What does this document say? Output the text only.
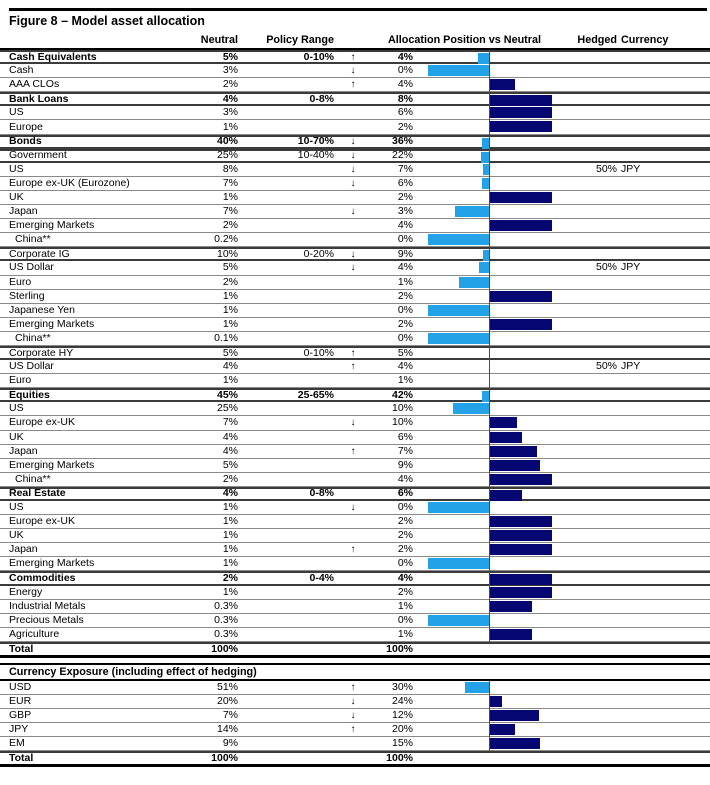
Figure 8 – Model asset allocation
Neutral	Policy Range	Allocation Position vs Neutral	Hedged Currency
Cash Equivalents	5%	0-10%	↑	4%
Cash	3%	↓	0%
AAA CLOs	2%	↑	4%
Bank Loans	4%	0-8%	8%
US	3%	6%
Europe	1%	2%
Bonds	40%	10-70%	↓	36%
Government	25%	10-40%	↓	22%
US	8%	↓	7%	50% JPY
Europe ex-UK (Eurozone)	7%	↓	6%
UK	1%	2%
Japan	7%	↓	3%
Emerging Markets	2%	4%
China**	0.2%	0%
Corporate IG	10%	0-20%	↓	9%
US Dollar	5%	↓	4%	50% JPY
Euro	2%	1%
Sterling	1%	2%
Japanese Yen	1%	0%
Emerging Markets	1%	2%
China**	0.1%	0%
Corporate HY	5%	0-10%	↑	5%
US Dollar	4%	↑	4%	50% JPY
Euro	1%	1%
Equities	45%	25-65%	42%
US	25%	10%
Europe ex-UK	7%	↓	10%
UK	4%	6%
Japan	4%	↑	7%
Emerging Markets	5%	9%
China**	2%	4%
Real Estate	4%	0-8%	6%
US	1%	↓	0%
Europe ex-UK	1%	2%
UK	1%	2%
Japan	1%	↑	2%
Emerging Markets	1%	0%
Commodities	2%	0-4%	4%
Energy	1%	2%
Industrial Metals	0.3%	1%
Precious Metals	0.3%	0%
Agriculture	0.3%	1%
Total	100%	100%
Currency Exposure (including effect of hedging)
USD	51%	↑	30%
EUR	20%	↓	24%
GBP	7%	↓	12%
JPY	14%	↑	20%
EM	9%	15%
Total	100%	100%
